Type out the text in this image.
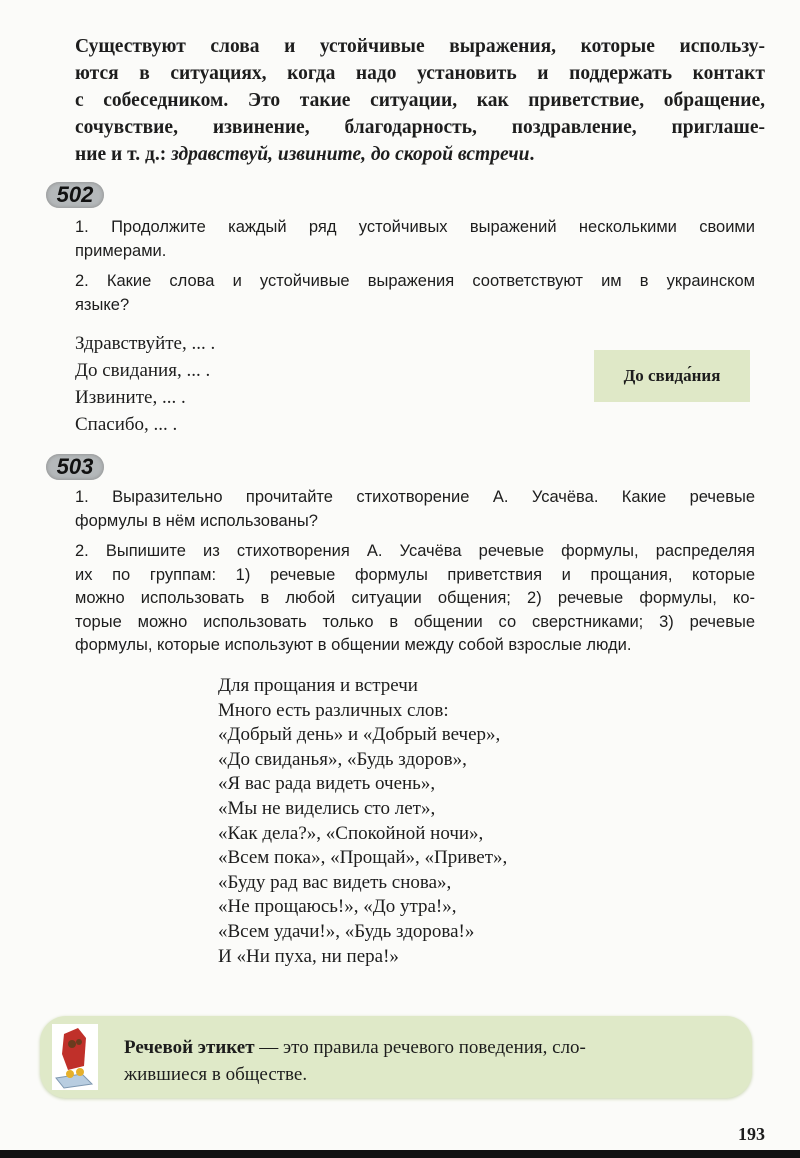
Существуют слова и устойчивые выражения, которые использу-
ются в ситуациях, когда надо установить и поддержать контакт
с собеседником. Это такие ситуации, как приветствие, обращение,
сочувствие, извинение, благодарность, поздравление, приглаше-
ние и т. д.: здравствуй, извините, до скорой встречи.
502
1. Продолжите каждый ряд устойчивых выражений несколькими своими
примерами.
2. Какие слова и устойчивые выражения соответствуют им в украинском
языке?
Здравствуйте, ... .
До свидания, ... .
Извините, ... .
Спасибо, ... .
До свида́ния
503
1. Выразительно прочитайте стихотворение А. Усачёва. Какие речевые
формулы в нём использованы?
2. Выпишите из стихотворения А. Усачёва речевые формулы, распределяя
их по группам: 1) речевые формулы приветствия и прощания, которые
можно использовать в любой ситуации общения; 2) речевые формулы, ко-
торые можно использовать только в общении со сверстниками; 3) речевые
формулы, которые используют в общении между собой взрослые люди.
Для прощания и встречи
Много есть различных слов:
«Добрый день» и «Добрый вечер»,
«До свиданья», «Будь здоров»,
«Я вас рада видеть очень»,
«Мы не виделись сто лет»,
«Как дела?», «Спокойной ночи»,
«Всем пока», «Прощай», «Привет»,
«Буду рад вас видеть снова»,
«Не прощаюсь!», «До утра!»,
«Всем удачи!», «Будь здорова!»
И «Ни пуха, ни пера!»
Речевой этикет — это правила речевого поведения, сло-
жившиеся в обществе.
193
